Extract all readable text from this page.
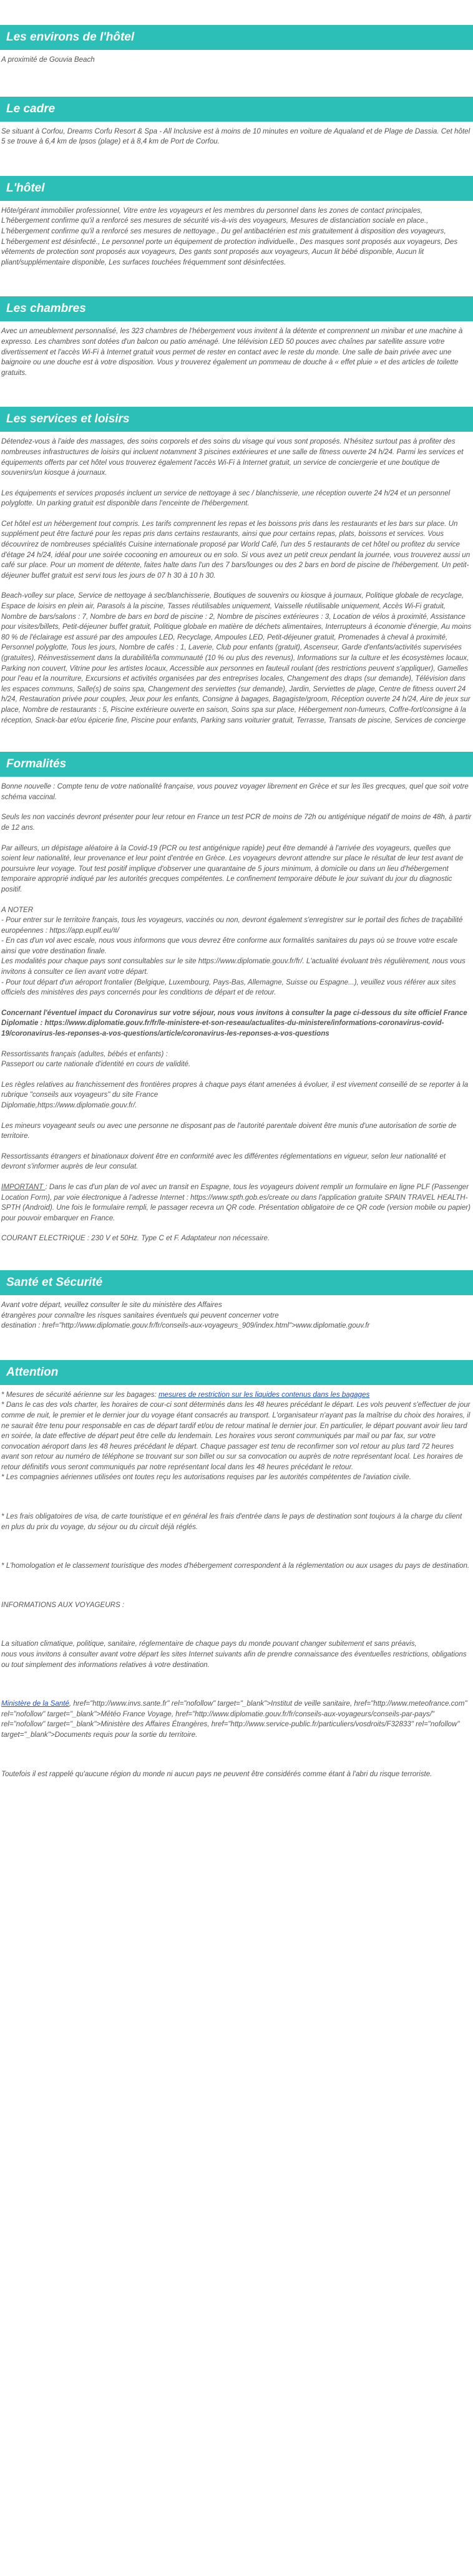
Les environs de l'hôtel

A proximité de Gouvia Beach

Le cadre

Se situant à Corfou, Dreams Corfu Resort & Spa - All Inclusive est à moins de 10 minutes en voiture de Aqualand et de Plage de Dassia. Cet hôtel 5 se trouve à 6,4 km de Ipsos (plage) et à 8,4 km de Port de Corfou.

L'hôtel

Hôte/gérant immobilier professionnel, Vitre entre les voyageurs et les membres du personnel dans les zones de contact principales, L'hébergement confirme qu'il a renforcé ses mesures de sécurité vis-à-vis des voyageurs, Mesures de distanciation sociale en place., L'hébergement confirme qu'il a renforcé ses mesures de nettoyage., Du gel antibactérien est mis gratuitement à disposition des voyageurs, L'hébergement est désinfecté., Le personnel porte un équipement de protection individuelle., Des masques sont proposés aux voyageurs, Des vêtements de protection sont proposés aux voyageurs, Des gants sont proposés aux voyageurs, Aucun lit bébé disponible, Aucun lit pliant/supplémentaire disponible, Les surfaces touchées fréquemment sont désinfectées.

Les chambres

Avec un ameublement personnalisé, les 323 chambres de l'hébergement vous invitent à la détente et comprennent un minibar et une machine à expresso. Les chambres sont dotées d'un balcon ou patio aménagé. Une télévision LED 50 pouces avec chaînes par satellite assure votre divertissement et l'accès Wi-Fi à Internet gratuit vous permet de rester en contact avec le reste du monde. Une salle de bain privée avec une baignoire ou une douche est à votre disposition. Vous y trouverez également un pommeau de douche à « effet pluie » et des articles de toilette gratuits.

Les services et loisirs

Détendez-vous à l'aide des massages, des soins corporels et des soins du visage qui vous sont proposés. N'hésitez surtout pas à profiter des nombreuses infrastructures de loisirs qui incluent notamment 3 piscines extérieures et une salle de fitness ouverte 24 h/24. Parmi les services et équipements offerts par cet hôtel vous trouverez également l'accès Wi-Fi à Internet gratuit, un service de conciergerie et une boutique de souvenirs/un kiosque à journaux.

Les équipements et services proposés incluent un service de nettoyage à sec / blanchisserie, une réception ouverte 24 h/24 et un personnel polyglotte. Un parking gratuit est disponible dans l'enceinte de l'hébergement.

Cet hôtel est un hébergement tout compris. Les tarifs comprennent les repas et les boissons pris dans les restaurants et les bars sur place. Un supplément peut être facturé pour les repas pris dans certains restaurants, ainsi que pour certains repas, plats, boissons et services. Vous découvrirez de nombreuses spécialités Cuisine internationale proposé par World Café, l'un des 5 restaurants de cet hôtel ou profitez du service d'étage 24 h/24, idéal pour une soirée cocooning en amoureux ou en solo. Si vous avez un petit creux pendant la journée, vous trouverez aussi un café sur place. Pour un moment de détente, faites halte dans l'un des 7 bars/lounges ou des 2 bars en bord de piscine de l'hébergement. Un petit-déjeuner buffet gratuit est servi tous les jours de 07 h 30 à 10 h 30.

Beach-volley sur place, Service de nettoyage à sec/blanchisserie, Boutiques de souvenirs ou kiosque à journaux, Politique globale de recyclage, Espace de loisirs en plein air, Parasols à la piscine, Tasses réutilisables uniquement, Vaisselle réutilisable uniquement, Accès Wi-Fi gratuit, Nombre de bars/salons : 7, Nombre de bars en bord de piscine : 2, Nombre de piscines extérieures : 3, Location de vélos à proximité, Assistance pour visites/billets, Petit-déjeuner buffet gratuit, Politique globale en matière de déchets alimentaires, Interrupteurs à économie d'énergie, Au moins 80 % de l'éclairage est assuré par des ampoules LED, Recyclage, Ampoules LED, Petit-déjeuner gratuit, Promenades à cheval à proximité, Personnel polyglotte, Tous les jours, Nombre de cafés : 1, Laverie, Club pour enfants (gratuit), Ascenseur, Garde d'enfants/activités supervisées (gratuites), Réinvestissement dans la durabilité/la communauté (10 % ou plus des revenus), Informations sur la culture et les écosystèmes locaux, Parking non couvert, Vitrine pour les artistes locaux, Accessible aux personnes en fauteuil roulant (des restrictions peuvent s'appliquer), Gamelles pour l'eau et la nourriture, Excursions et activités organisées par des entreprises locales, Changement des draps (sur demande), Télévision dans les espaces communs, Salle(s) de soins spa, Changement des serviettes (sur demande), Jardin, Serviettes de plage, Centre de fitness ouvert 24 h/24, Restauration privée pour couples, Jeux pour les enfants, Consigne à bagages, Bagagiste/groom, Réception ouverte 24 h/24, Aire de jeux sur place, Nombre de restaurants : 5, Piscine extérieure ouverte en saison, Soins spa sur place, Hébergement non-fumeurs, Coffre-fort/consigne à la réception, Snack-bar et/ou épicerie fine, Piscine pour enfants, Parking sans voiturier gratuit, Terrasse, Transats de piscine, Services de concierge

Formalités

Bonne nouvelle : Compte tenu de votre nationalité française, vous pouvez voyager librement en Grèce et sur les îles grecques, quel que soit votre schéma vaccinal.

Seuls les non vaccinés devront présenter pour leur retour en France un test PCR de moins de 72h ou antigénique négatif de moins de 48h, à partir de 12 ans.

Par ailleurs, un dépistage aléatoire à la Covid-19 (PCR ou test antigénique rapide) peut être demandé à l'arrivée des voyageurs, quelles que soient leur nationalité, leur provenance et leur point d'entrée en Grèce. Les voyageurs devront attendre sur place le résultat de leur test avant de poursuivre leur voyage. Tout test positif implique d'observer une quarantaine de 5 jours minimum, à domicile ou dans un lieu d'hébergement temporaire approprié indiqué par les autorités grecques compétentes. Le confinement temporaire débute le jour suivant du jour du diagnostic positif.

A NOTER
- Pour entrer sur le territoire français, tous les voyageurs, vaccinés ou non, devront également s'enregistrer sur le portail des fiches de traçabilité européennes : https://app.euplf.eu/#/
- En cas d'un vol avec escale, nous vous informons que vous devrez être conforme aux formalités sanitaires du pays où se trouve votre escale ainsi que votre destination finale.
Les modalités pour chaque pays sont consultables sur le site https://www.diplomatie.gouv.fr/fr/. L'actualité évoluant très régulièrement, nous vous invitons à consulter ce lien avant votre départ.
- Pour tout départ d'un aéroport frontalier (Belgique, Luxembourg, Pays-Bas, Allemagne, Suisse ou Espagne...), veuillez vous référer aux sites officiels des ministères des pays concernés pour les conditions de départ et de retour.

Concernant l'éventuel impact du Coronavirus sur votre séjour, nous vous invitons à consulter la page ci-dessous du site officiel France Diplomatie : https://www.diplomatie.gouv.fr/fr/le-ministere-et-son-reseau/actualites-du-ministere/informations-coronavirus-covid-19/coronavirus-les-reponses-a-vos-questions/article/coronavirus-les-reponses-a-vos-questions

Ressortissants français (adultes, bébés et enfants) :
Passeport ou carte nationale d'identité en cours de validité.

Les règles relatives au franchissement des frontières propres à chaque pays étant amenées à évoluer, il est vivement conseillé de se reporter à la rubrique "conseils aux voyageurs" du site France
Diplomatie,https://www.diplomatie.gouv.fr/.

Les mineurs voyageant seuls ou avec une personne ne disposant pas de l'autorité parentale doivent être munis d'une autorisation de sortie de territoire.

Ressortissants étrangers et binationaux doivent être en conformité avec les différentes réglementations en vigueur, selon leur nationalité et devront s'informer auprès de leur consulat.

IMPORTANT : Dans le cas d'un plan de vol avec un transit en Espagne, tous les voyageurs doivent remplir un formulaire en ligne PLF (Passenger Location Form), par voie électronique à l'adresse Internet : https://www.spth.gob.es/create ou dans l'application gratuite SPAIN TRAVEL HEALTH-SPTH (Android). Une fois le formulaire rempli, le passager recevra un QR code. Présentation obligatoire de ce QR code (version mobile ou papier) pour pouvoir embarquer en France.

COURANT ELECTRIQUE : 230 V et 50Hz. Type C et F. Adaptateur non nécessaire.

Santé et Sécurité

Avant votre départ, veuillez consulter le site du ministère des Affaires
étrangères pour connaître les risques sanitaires éventuels qui peuvent concerner votre
destination : href="http://www.diplomatie.gouv.fr/fr/conseils-aux-voyageurs_909/index.html">www.diplomatie.gouv.fr

Attention

* Mesures de sécurité aérienne sur les bagages: mesures de restriction sur les liquides contenus dans les bagages
* Dans le cas des vols charter, les horaires de cour-ci sont déterminés dans les 48 heures précédant le départ. Les vols peuvent s'effectuer de jour comme de nuit, le premier et le dernier jour du voyage étant consacrés au transport. L'organisateur n'ayant pas la maîtrise du choix des horaires, il ne saurait être tenu pour responsable en cas de départ tardif et/ou de retour matinal le dernier jour. En particulier, le départ pouvant avoir lieu tard en soirée, la date effective de départ peut être celle du lendemain. Les horaires vous seront communiqués par mail ou par fax, sur votre convocation aéroport dans les 48 heures précédant le départ. Chaque passager est tenu de reconfirmer son vol retour au plus tard 72 heures avant son retour au numéro de téléphone se trouvant sur son billet ou sur sa convocation ou auprès de notre représentant local. Les horaires de retour définitifs vous seront communiqués par notre représentant local dans les 48 heures précédant le retour.
* Les compagnies aériennes utilisées ont toutes reçu les autorisations requises par les autorités compétentes de l'aviation civile.

* Les frais obligatoires de visa, de carte touristique et en général les frais d'entrée dans le pays de destination sont toujours à la charge du client en plus du prix du voyage, du séjour ou du circuit déjà réglés.

* L'homologation et le classement touristique des modes d'hébergement correspondent à la réglementation ou aux usages du pays de destination.

INFORMATIONS AUX VOYAGEURS :

La situation climatique, politique, sanitaire, réglementaire de chaque pays du monde pouvant changer subitement et sans préavis,

nous vous invitons à consulter avant votre départ les sites Internet suivants afin de prendre connaissance des éventuelles restrictions, obligations ou tout simplement des informations relatives à votre destination.

Ministère de la Santé, href="http://www.invs.sante.fr" rel="nofollow" target="_blank">Institut de veille sanitaire, href="http://www.meteofrance.com" rel="nofollow" target="_blank">Météo France Voyage, href="http://www.diplomatie.gouv.fr/fr/conseils-aux-voyageurs/conseils-par-pays/" rel="nofollow" target="_blank">Ministère des Affaires Étrangères, href="http://www.service-public.fr/particuliers/vosdroits/F32833" rel="nofollow" target="_blank">Documents requis pour la sortie du territoire.

Toutefois il est rappelé qu'aucune région du monde ni aucun pays ne peuvent être considérés comme étant à l'abri du risque terroriste.
